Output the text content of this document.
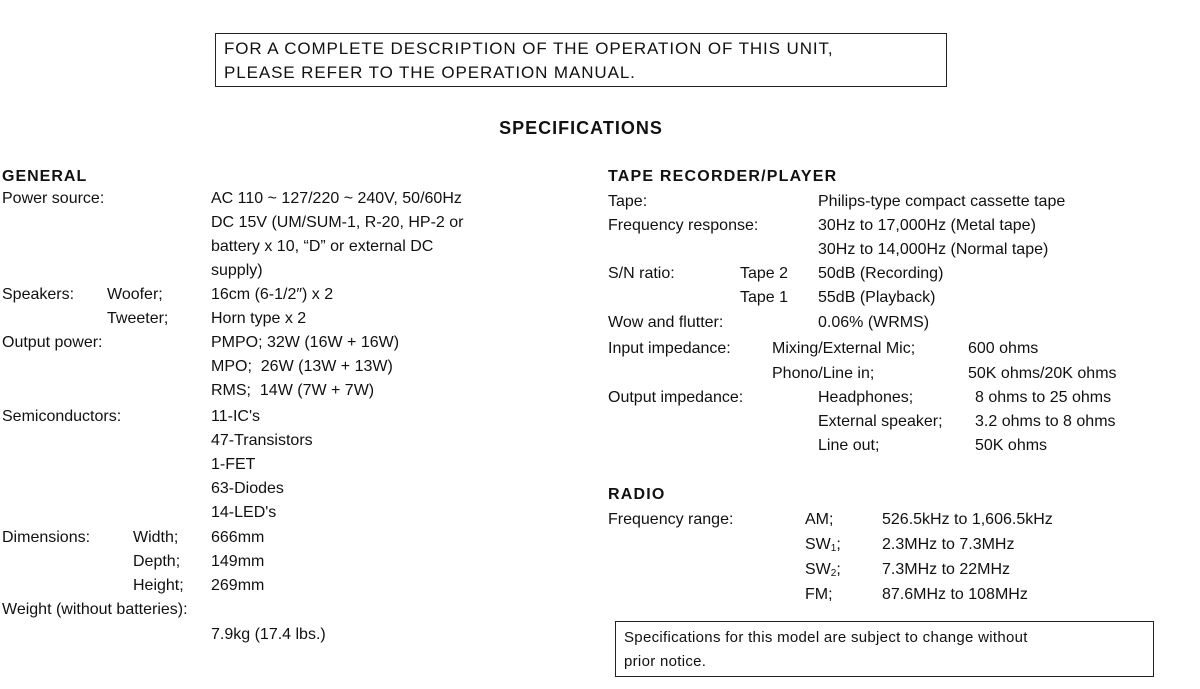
FOR A COMPLETE DESCRIPTION OF THE OPERATION OF THIS UNIT,
PLEASE REFER TO THE OPERATION MANUAL.
SPECIFICATIONS
GENERAL
Power source:	AC 110 ~ 127/220 ~ 240V, 50/60Hz
DC 15V (UM/SUM-1, R-20, HP-2 or
battery x 10, “D” or external DC
supply)
Speakers: Woofer;	16cm (6-1/2″) x 2
Tweeter;	Horn type x 2
Output power:	PMPO; 32W (16W + 16W)
MPO;  26W (13W + 13W)
RMS;  14W (7W + 7W)
Semiconductors:	11-IC's
47-Transistors
1-FET
63-Diodes
14-LED's
Dimensions:	Width; 666mm
Depth; 149mm
Height; 269mm
Weight (without batteries):
7.9kg (17.4 lbs.)
TAPE RECORDER/PLAYER
Tape:	Philips-type compact cassette tape
Frequency response:	30Hz to 17,000Hz (Metal tape)
30Hz to 14,000Hz (Normal tape)
S/N ratio:	Tape 2 50dB (Recording)
Tape 1 55dB (Playback)
Wow and flutter:	0.06% (WRMS)
Input impedance:	Mixing/External Mic;	600 ohms
Phono/Line in;	50K ohms/20K ohms
Output impedance:	Headphones;	8 ohms to 25 ohms
External speaker; 3.2 ohms to 8 ohms
Line out;	50K ohms
RADIO
Frequency range:	AM;	526.5kHz to 1,606.5kHz
$SW_1$;	2.3MHz to 7.3MHz
$SW_2$;	7.3MHz to 22MHz
FM;	87.6MHz to 108MHz
Specifications for this model are subject to change without
prior notice.
